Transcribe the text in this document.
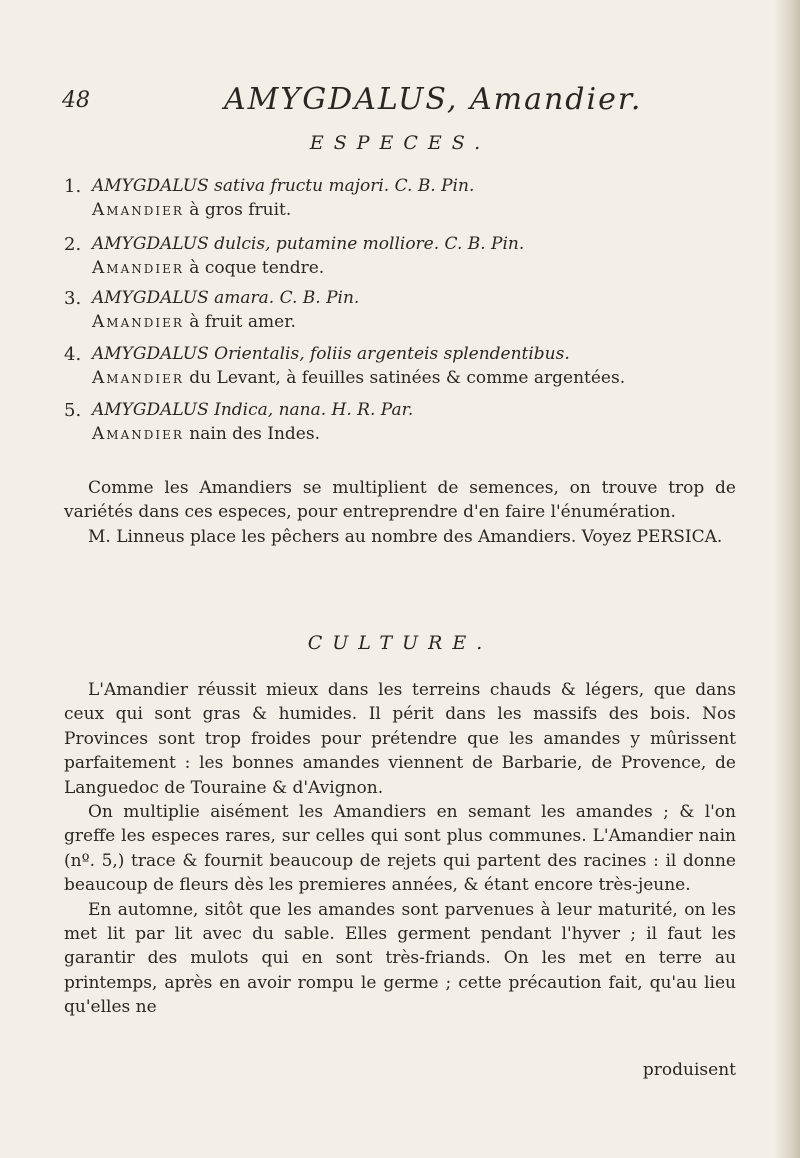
48	AMYGDALUS, Amandier.
ESPECES.
1. AMYGDALUS sativa fructu majori. C. B. Pin.
Amandier à gros fruit.
2. AMYGDALUS dulcis, putamine molliore. C. B. Pin.
Amandier à coque tendre.
3. AMYGDALUS amara. C. B. Pin.
Amandier à fruit amer.
4. AMYGDALUS Orientalis, foliis argenteis splendentibus.
Amandier du Levant, à feuilles satinées & comme argentées.
5. AMYGDALUS Indica, nana. H. R. Par.
Amandier nain des Indes.

Comme les Amandiers se multiplient de semences, on trouve trop de variétés dans ces especes, pour entreprendre d'en faire l'énumération.

M. Linneus place les pêchers au nombre des Amandiers. Voyez PERSICA.

CULTURE.

L'Amandier réussit mieux dans les terreins chauds & légers, que dans ceux qui sont gras & humides. Il périt dans les massifs des bois. Nos Provinces sont trop froides pour prétendre que les amandes y mûrissent parfaitement : les bonnes amandes viennent de Barbarie, de Provence, de Languedoc de Touraine & d'Avignon.

On multiplie aisément les Amandiers en semant les amandes ; & l'on greffe les especes rares, sur celles qui sont plus communes. L'Amandier nain (nº. 5,) trace & fournit beaucoup de rejets qui partent des racines : il donne beaucoup de fleurs dès les premieres années, & étant encore très-jeune.

En automne, sitôt que les amandes sont parvenues à leur maturité, on les met lit par lit avec du sable. Elles germent pendant l'hyver ; il faut les garantir des mulots qui en sont très-friands. On les met en terre au printemps, après en avoir rompu le germe ; cette précaution fait, qu'au lieu qu'elles ne

produisent
